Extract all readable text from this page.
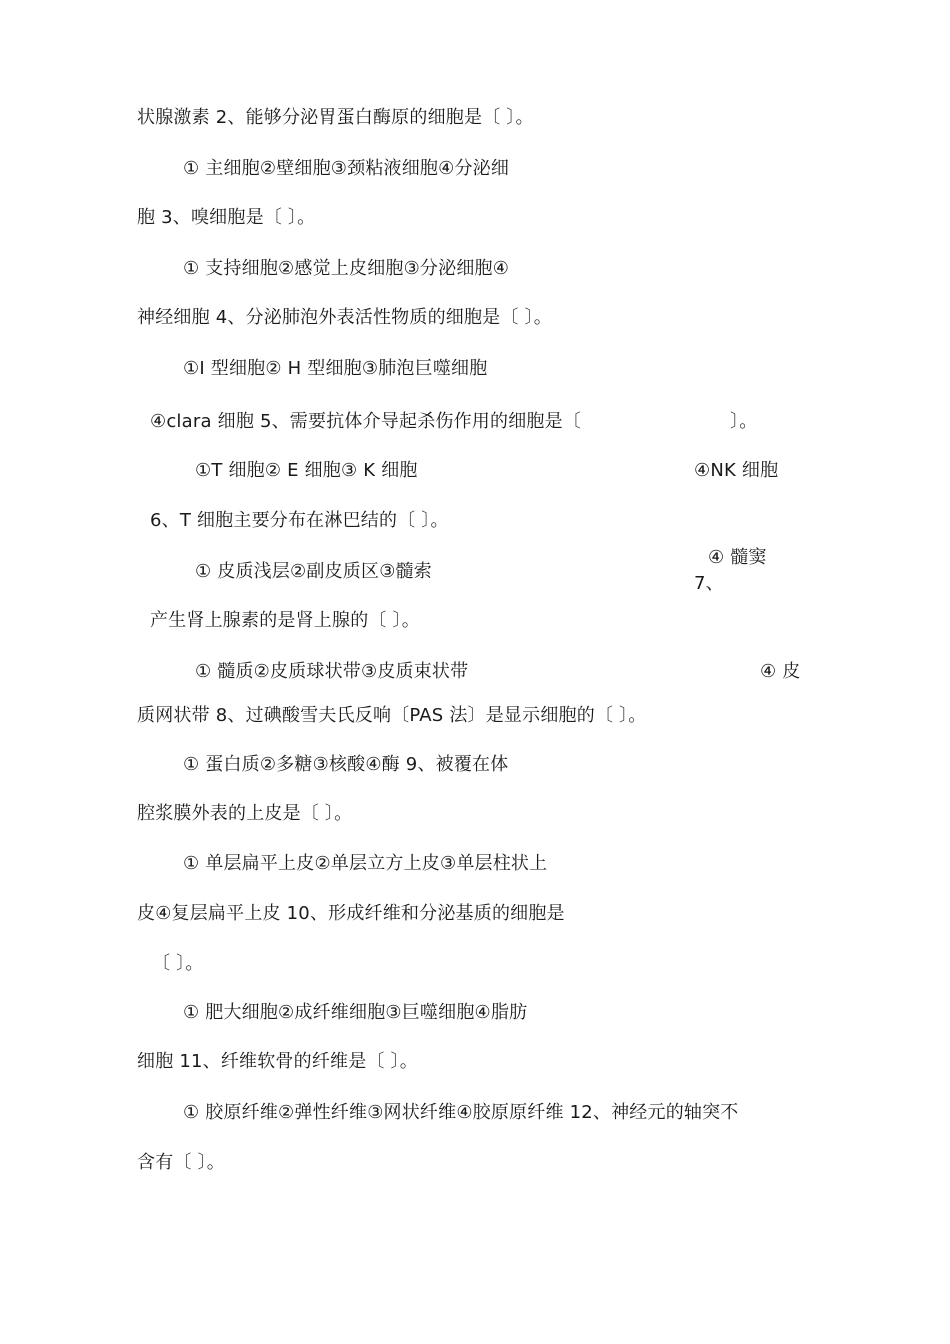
状腺激素 2、能够分泌胃蛋白酶原的细胞是〔 〕。
① 主细胞②壁细胞③颈粘液细胞④分泌细
胞 3、嗅细胞是〔 〕。
① 支持细胞②感觉上皮细胞③分泌细胞④
神经细胞 4、分泌肺泡外表活性物质的细胞是〔 〕。
①I 型细胞② H 型细胞③肺泡巨噬细胞
④clara 细胞 5、需要抗体介导起杀伤作用的细胞是〔	〕。
①T 细胞② E 细胞③ K 细胞	④NK 细胞
6、T 细胞主要分布在淋巴结的〔 〕。
① 皮质浅层②副皮质区③髓索
④ 髓窦
7、
产生肾上腺素的是肾上腺的〔 〕。
① 髓质②皮质球状带③皮质束状带	④ 皮
质网状带 8、过碘酸雪夫氏反响〔PAS 法〕是显示细胞的〔 〕。
① 蛋白质②多糖③核酸④酶 9、被覆在体
腔浆膜外表的上皮是〔 〕。
① 单层扁平上皮②单层立方上皮③单层柱状上
皮④复层扁平上皮 10、形成纤维和分泌基质的细胞是
〔 〕。
① 肥大细胞②成纤维细胞③巨噬细胞④脂肪
细胞 11、纤维软骨的纤维是〔 〕。
① 胶原纤维②弹性纤维③网状纤维④胶原原纤维 12、神经元的轴突不
含有〔 〕。
